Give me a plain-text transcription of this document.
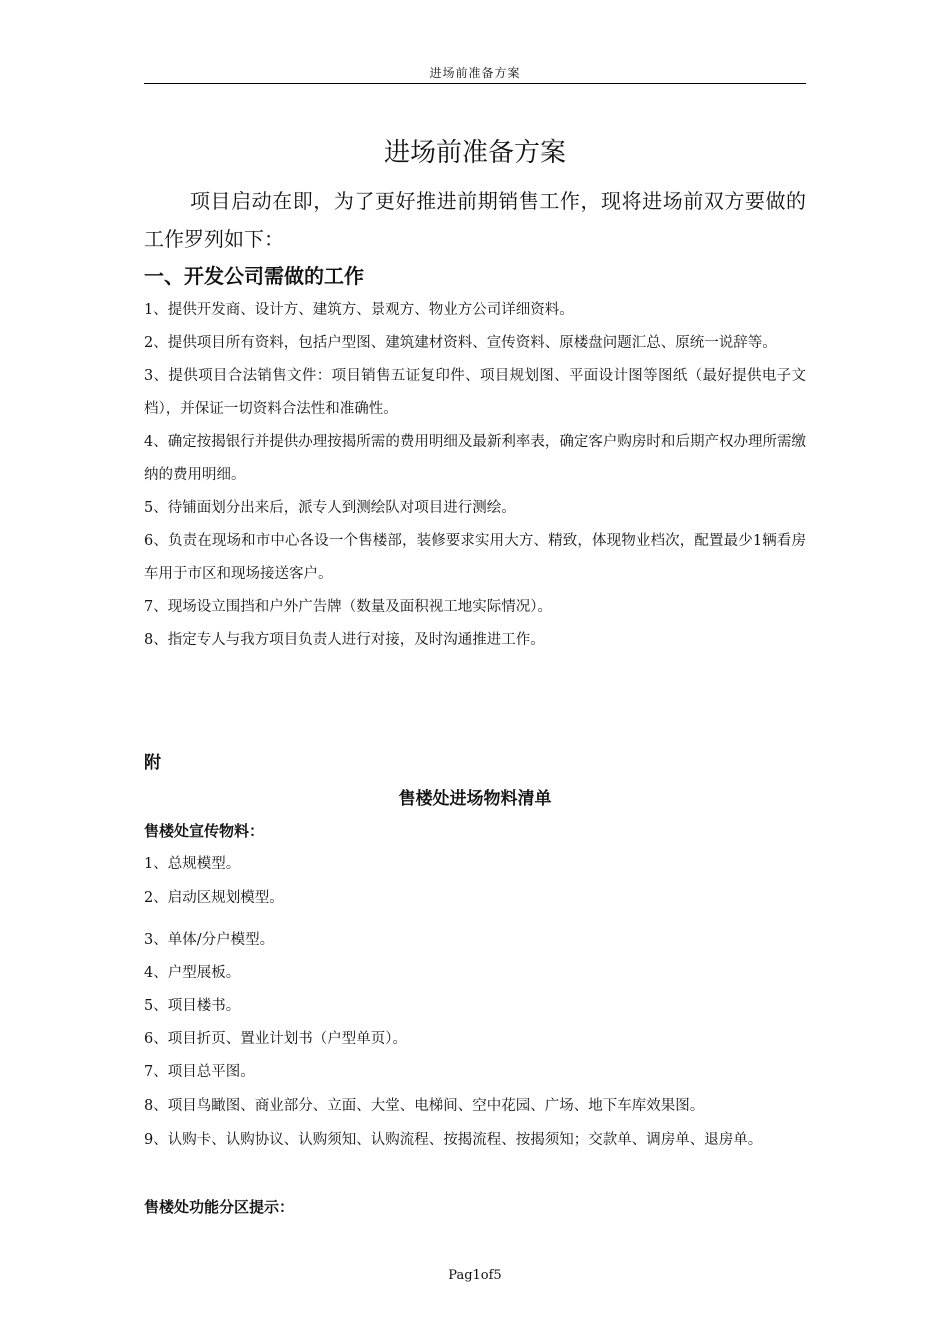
进场前准备方案
进场前准备方案
项目启动在即，为了更好推进前期销售工作，现将进场前双方要做的工作罗列如下：
一、开发公司需做的工作
1、提供开发商、设计方、建筑方、景观方、物业方公司详细资料。
2、提供项目所有资料，包括户型图、建筑建材资料、宣传资料、原楼盘问题汇总、原统一说辞等。
3、提供项目合法销售文件：项目销售五证复印件、项目规划图、平面设计图等图纸（最好提供电子文档），并保证一切资料合法性和准确性。
4、确定按揭银行并提供办理按揭所需的费用明细及最新利率表，确定客户购房时和后期产权办理所需缴纳的费用明细。
5、待铺面划分出来后，派专人到测绘队对项目进行测绘。
6、负责在现场和市中心各设一个售楼部，装修要求实用大方、精致，体现物业档次，配置最少1辆看房车用于市区和现场接送客户。
7、现场设立围挡和户外广告牌（数量及面积视工地实际情况）。
8、指定专人与我方项目负责人进行对接，及时沟通推进工作。
附
售楼处进场物料清单
售楼处宣传物料：
1、总规模型。
2、启动区规划模型。
3、单体/分户模型。
4、户型展板。
5、项目楼书。
6、项目折页、置业计划书（户型单页）。
7、项目总平图。
8、项目鸟瞰图、商业部分、立面、大堂、电梯间、空中花园、广场、地下车库效果图。
9、认购卡、认购协议、认购须知、认购流程、按揭流程、按揭须知；交款单、调房单、退房单。
售楼处功能分区提示：
Pag1of5
